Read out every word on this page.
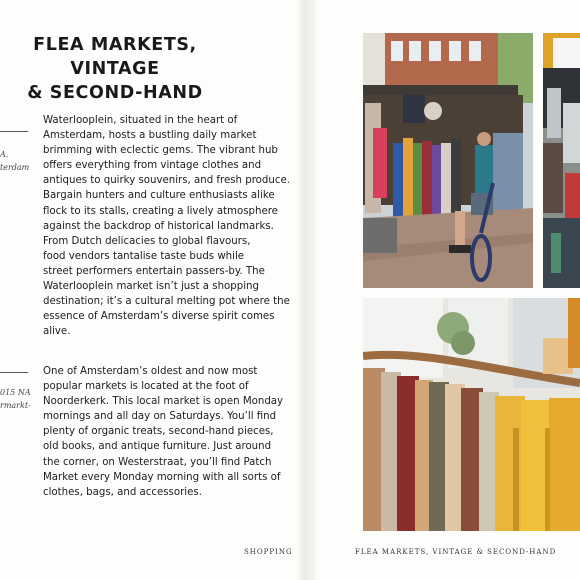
FLEA MARKETS, VINTAGE
& SECOND-HAND
A.
terdam
015 NA
rmarkt-
Waterlooplein, situated in the heart of
Amsterdam, hosts a bustling daily market
brimming with eclectic gems. The vibrant hub
offers everything from vintage clothes and
antiques to quirky souvenirs, and fresh produce.
Bargain hunters and culture enthusiasts alike
flock to its stalls, creating a lively atmosphere
against the backdrop of historical landmarks.
From Dutch delicacies to global flavours,
food vendors tantalise taste buds while
street performers entertain passers-by. The
Waterlooplein market isn’t just a shopping
destination; it’s a cultural melting pot where the
essence of Amsterdam’s diverse spirit comes
alive.
One of Amsterdam’s oldest and now most
popular markets is located at the foot of
Noorderkerk. This local market is open Monday
mornings and all day on Saturdays. You’ll find
plenty of organic treats, second-hand pieces,
old books, and antique furniture. Just around
the corner, on Westerstraat, you’ll find Patch
Market every Monday morning with all sorts of
clothes, bags, and accessories.
SHOPPING	FLEA MARKETS, VINTAGE & SECOND-HAND
